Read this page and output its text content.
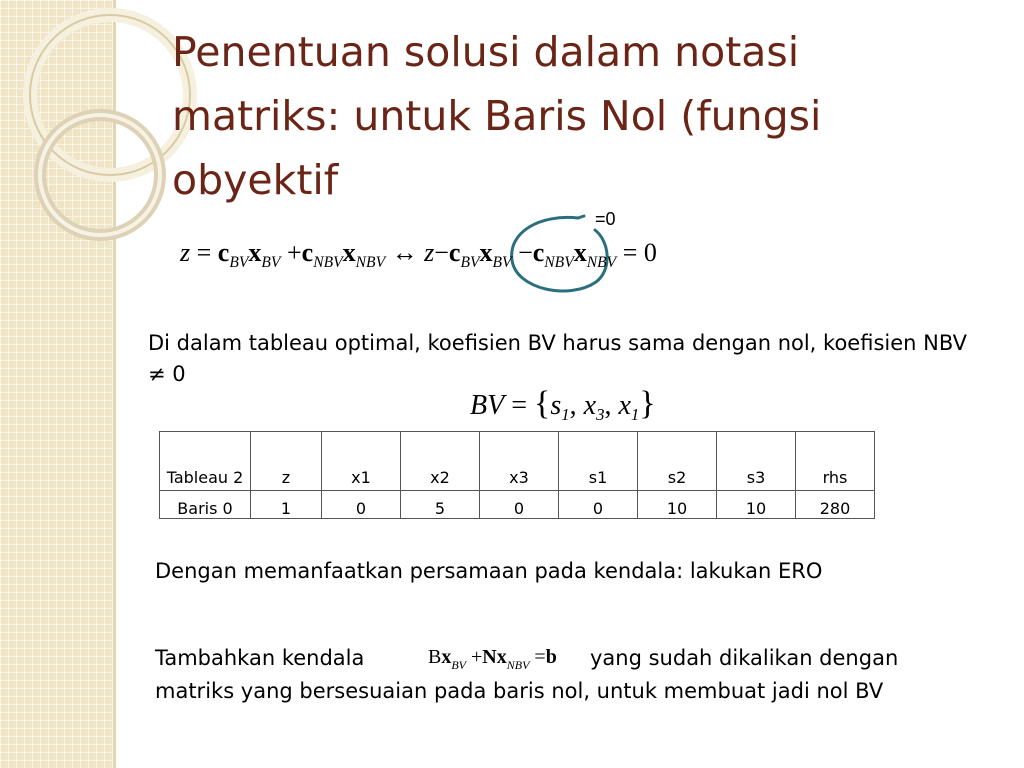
Penentuan solusi dalam notasi
matriks: untuk Baris Nol (fungsi
obyektif
=0
$z = c_{BV}x_{BV} +c_{NBV}x_{NBV}$ ↔ $z-c_{BV}x_{BV} -c_{NBV}x_{NBV} = 0$
Di dalam tableau optimal, koefisien BV harus sama dengan nol, koefisien NBV ≠ 0
BV = {$s_1$, $x_3$, $x_1$}
Tableau 2	z	x1	x2	x3	s1	s2	s3	rhs
Baris 0	1	0	5	0	0	10	10	280
Dengan memanfaatkan persamaan pada kendala: lakukan ERO
Tambahkan kendala	$Bx_{BV} +Nx_{NBV} =b$ yang sudah dikalikan dengan
matriks yang bersesuaian pada baris nol, untuk membuat jadi nol BV
